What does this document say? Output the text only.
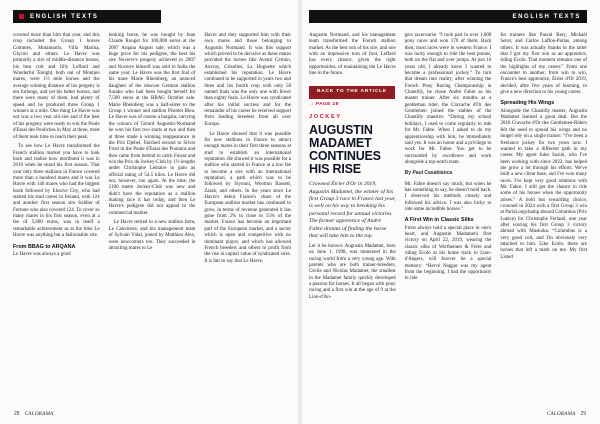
ENGLISH TEXTS

covered more than him that year, and this crop included the Group 1 horses Commes, Motamarris, Villa Marina, Glycon and others. Le Havre was primarily a sire of middle-distance horses, his best colt and filly Leffard and Wonderful Tonight, both out of Montjeu mares, were 1½ mile horses and the average winning distance of his progeny is ten furlongs, and yet his better horses, and there were many of them, had plenty of speed and he produced three Group 1 winners at a mile. One thing Le Havre was not was a two year old sire and if the best of his progeny were ready to win the Poule d'Essai des Pouliches in May at three, most of them took time to reach their peak.

To see how Le Havre transformed the French stallion market you have to look back and realise how moribund it was in 2010 when he stood his first season. That year only three stallions in France covered more than a hundred mares and it was Le Havre with 146 mares who had the biggest book followed by Elusive City, who had started his stud career in Ireland, with 124 and another first season sire Soldier of Fortune who also covered 124. To cover so many mares in his first season, even at a fee of 5,600 euros, was in itself a remarkable achievement as at the time Le Havre was anything but a fashionable sire.

From BBAG to ARQANA

Le Havre was always a good

looking horse, he was bought by Jean Claude Rouget for 100,000 euros at the 2007 Arqana August sale, which was a huge price for his pedigree, the best his sire Noverre's progeny achieved in 2007 and Noverre himself was sold to India the same year. Le Havre was the first foal of his mare Marie Rheinberg, an unraced daughter of the obscure German stallion Surako who had been bought herself for 7,500 euros at the BBAG October sale. Marie Rheinberg was a half-sister to the Group 1 winner and stallion Pistolet Bleu. Le Havre was of course a bargain, carrying the colours of Gérard Augustin-Normand he won his first two starts at two and then at three made a winning reappearance in the Prix Djebel, finished second to Silver Frost in the Poule d'Essai des Poulains and then came from behind to catch Fuisse and win the Prix du Jockey-Club by 1½ lengths under Christophe Lemaire to gain an official rating of 54.5 kilos. Le Havre did not, however, run again. At the time, the 2100 metre Jockey-Club was new and didn't have the reputation as a stallion making race it has today, and then Le Havre's pedigree did not appeal to the commercial market.

Le Havre retired to a new stallion farm, Le Cauvinere, and his management team of Sylvain Vidal, joined by Matthieu Alex, were newcomers too. They succeeded in attracting mares to Le

Havre and they supported him with their own mares and those belonging to Augustin Normand. It was this support which proved to be decisive as these mares provided the horses like Avenir Certain, Auvray, Crisolles, La Hoguette which established his reputation. Le Havre continued to be supported in years two and three and his fourth crop with only 58 named foals was the only one with fewer than eighty foals. Le Havre was syndicated after his initial success and for the remainder of his career he received support from leading breeders from all over Europe.

Le Havre showed that it was possible for new stallions in France to attract enough mares in their first three seasons at stud to establish an international reputation. He showed it was possible for a stallion who started in France at a low fee to become a sire with an international reputation, a path which was to be followed by Siyouni, Wootton Bassett, Zarak, and others. In the years since Le Havre's debut France's share of the European stallion market has continued to grow, in terms of revenue generated it has gone from 2% to close to 15% of the market. France has become an important part of the European market, and a sector which is open and competitive with no dominant player, and which has allowed French breeders and others to profit from the rise in capital value of syndicated sires. It is fair to say that Le Havre,

28 CALORAMA
ENGLISH TEXTS

Augustin Normand, and his management team transformed the French stallion market. As the best son of his sire, and one with an impressive turn of foot, Leffard has every chance, given the right opportunities, of maintaining the Le Havre line in the future.

BACK TO THE ARTICLE
→ PAGE 28
JOCKEY
AUGUSTIN MADAMET CONTINUES HIS RISE

Crowned Étrier d'Or in 2019, Augustin Madamet, the winner of his first Group 3 race in France last year, is well on his way to breaking his personal record for annual victories. The former apprentice of André Fabre dreams of finding the horse that will take him to the top.

Let it be known: Augustin Madamet, born on June 1, 1998, was immersed in the racing world from a very young age. With parents who are both trainer-breeders, Cécile and Nicolas Madamet, the smallest in the Madamet family quickly developed a passion for horses. It all began with pony racing and a first win at the age of 9 at the Lion-d'An-

gers racecourse. “I took part in over 1,000 pony races and won 170 of them. Back then, most races were in western France. I was lucky enough to ride the best ponies, both on the flat and over jumps. At just 10 years old, I already knew I wanted to become a professional jockey.” To turn that dream into reality, after winning the French Pony Racing Championship in Chantilly, he chose André Fabre as his master trainer. After six months as a gentleman rider, the Cravache d'Or des Gentlemen joined the stables of the Chantilly maestro: “During my school holidays, I used to come regularly to ride for Mr. Fabre. When I asked to do my apprenticeship with him, he immediately said yes. It was an honor and a privilege to work for Mr. Fabre. You get to be surrounded by excellence and work alongside a top-notch team.

By Paul Casabianca

Mr. Fabre doesn't say much, but when he has something to say, he doesn't hold back. I observed his methods closely and followed his advice. I was also lucky to ride some incredible horses.”

A First Win in Classic Silks

Firsts always hold a special place in one's heart, and Augustin Madamet's first victory on April 22, 2019, wearing the classic silks of Wertheimer & Frère and riding Ecolo at his home track in Lion-d'Angers, will forever be a special memory: “Hervé Naggar was my agent from the beginning. I had the opportunity to ride

for trainers like Pascal Bary, Mickaël Seror, and Carlos Laffon-Parias, among others. It was actually thanks to the latter that I got my first win as an apprentice, riding Ecolo. That moment remains one of the highlights of my career.” From one encounter to another, from win to win, France's best apprentice, Étrier d'Or 2019, decided, after five years of learning, to give a new direction to his young career.

Spreading His Wings

Alongside the Chantilly master, Augustin Madamet learned a great deal. But the 2018 Cravache d'Or des Gentlemen-Riders felt the need to spread his wings and no longer rely on a single trainer: “I've been a freelance jockey for two years now. I wanted to take a different path in my career. My agent Jules Susini, who I've been working with since 2022, has helped me grow a lot through his efforts. We've built a new client base, and I've won many races. I've kept very good relations with Mr. Fabre. I still get the chance to ride some of his horses when the opportunity arises.” A bold but rewarding choice, crowned in 2024 with a first Group 3 win at ParisLongchamp aboard Columbus (Prix Lutèce) for Christophe Ferland, one year after scoring his first Group 3 victory abroad with Muskoka. “Columbus is a very good colt, and I'm obviously very attached to him. Like Ecolo, these are horses that left a mark on me. My first Listed

CALORAMA 29
